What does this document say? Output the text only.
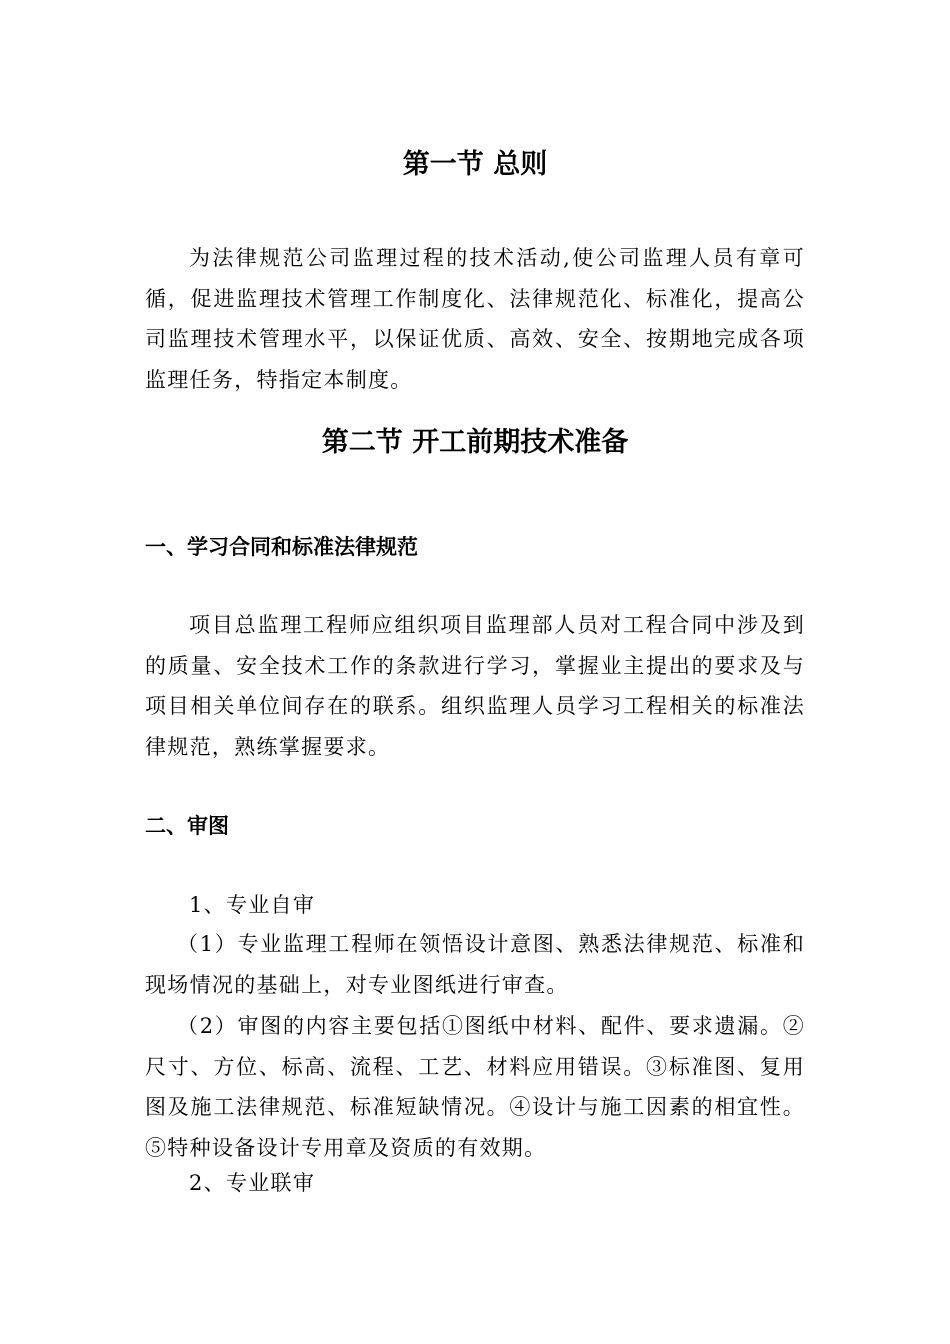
第一节 总则

为法律规范公司监理过程的技术活动,使公司监理人员有章可循，促进监理技术管理工作制度化、法律规范化、标准化，提高公司监理技术管理水平，以保证优质、高效、安全、按期地完成各项监理任务，特指定本制度。

第二节 开工前期技术准备
一、学习合同和标准法律规范

项目总监理工程师应组织项目监理部人员对工程合同中涉及到的质量、安全技术工作的条款进行学习，掌握业主提出的要求及与项目相关单位间存在的联系。组织监理人员学习工程相关的标准法律规范，熟练掌握要求。

二、审图
1、专业自审

（1）专业监理工程师在领悟设计意图、熟悉法律规范、标准和现场情况的基础上，对专业图纸进行审查。

（2）审图的内容主要包括①图纸中材料、配件、要求遗漏。②尺寸、方位、标高、流程、工艺、材料应用错误。③标准图、复用图及施工法律规范、标准短缺情况。④设计与施工因素的相宜性。⑤特种设备设计专用章及资质的有效期。

2、专业联审
